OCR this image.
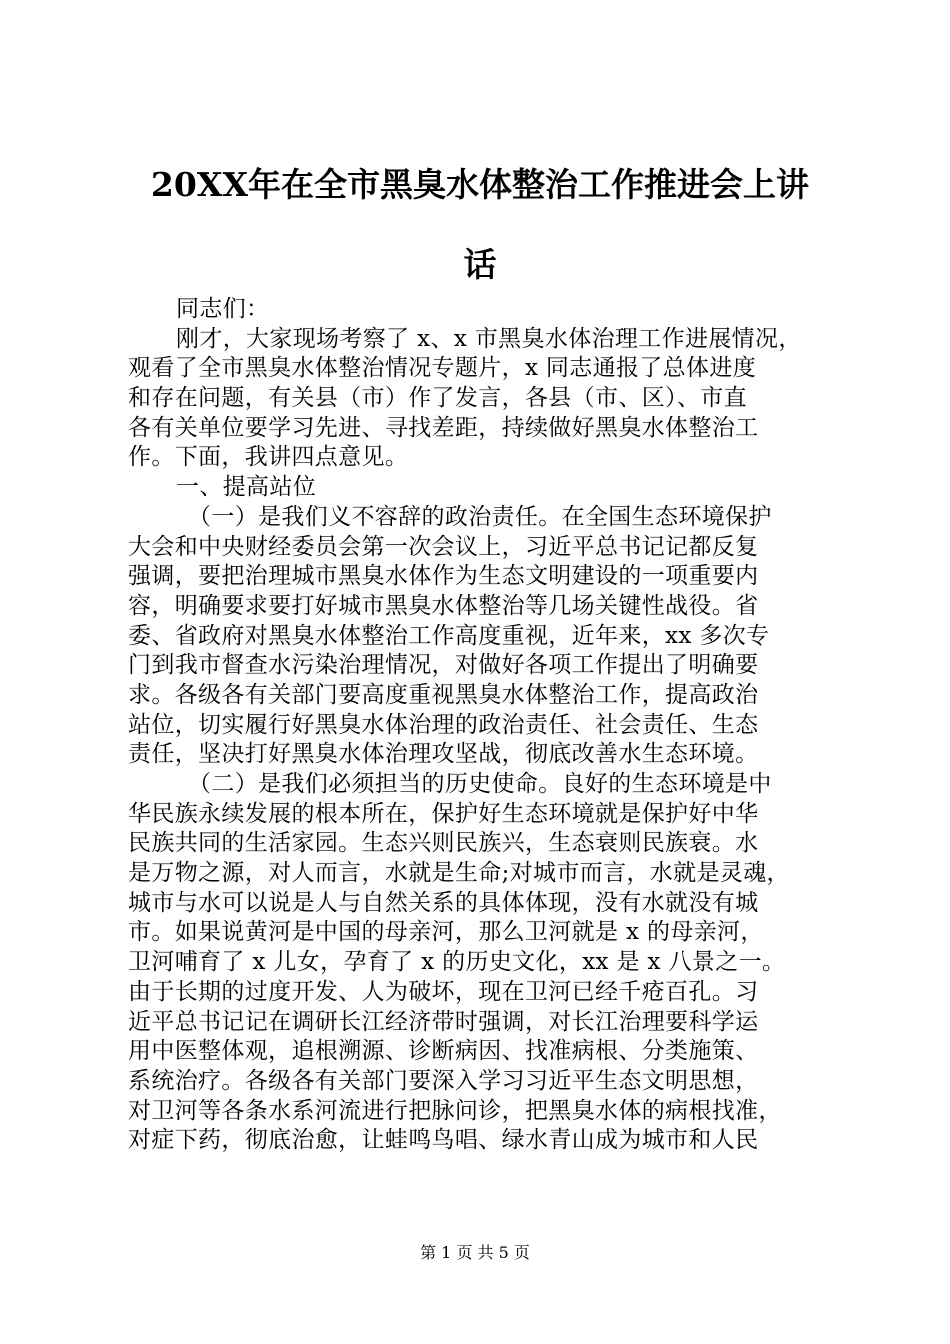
20XX年在全市黑臭水体整治工作推进会上讲
话
同志们：
刚才，大家现场考察了 x、x 市黑臭水体治理工作进展情况，
观看了全市黑臭水体整治情况专题片，x 同志通报了总体进度
和存在问题，有关县（市）作了发言，各县（市、区）、市直
各有关单位要学习先进、寻找差距，持续做好黑臭水体整治工
作。下面，我讲四点意见。
一、提高站位
（一）是我们义不容辞的政治责任。在全国生态环境保护
大会和中央财经委员会第一次会议上，习近平总书记记都反复
强调，要把治理城市黑臭水体作为生态文明建设的一项重要内
容，明确要求要打好城市黑臭水体整治等几场关键性战役。省
委、省政府对黑臭水体整治工作高度重视，近年来，xx 多次专
门到我市督查水污染治理情况，对做好各项工作提出了明确要
求。各级各有关部门要高度重视黑臭水体整治工作，提高政治
站位，切实履行好黑臭水体治理的政治责任、社会责任、生态
责任，坚决打好黑臭水体治理攻坚战，彻底改善水生态环境。
（二）是我们必须担当的历史使命。良好的生态环境是中
华民族永续发展的根本所在，保护好生态环境就是保护好中华
民族共同的生活家园。生态兴则民族兴，生态衰则民族衰。水
是万物之源，对人而言，水就是生命;对城市而言，水就是灵魂，
城市与水可以说是人与自然关系的具体体现，没有水就没有城
市。如果说黄河是中国的母亲河，那么卫河就是 x 的母亲河，
卫河哺育了 x 儿女，孕育了 x 的历史文化，xx 是 x 八景之一。
由于长期的过度开发、人为破坏，现在卫河已经千疮百孔。习
近平总书记记在调研长江经济带时强调，对长江治理要科学运
用中医整体观，追根溯源、诊断病因、找准病根、分类施策、
系统治疗。各级各有关部门要深入学习习近平生态文明思想，
对卫河等各条水系河流进行把脉问诊，把黑臭水体的病根找准，
对症下药，彻底治愈，让蛙鸣鸟唱、绿水青山成为城市和人民
第 1 页 共 5 页
